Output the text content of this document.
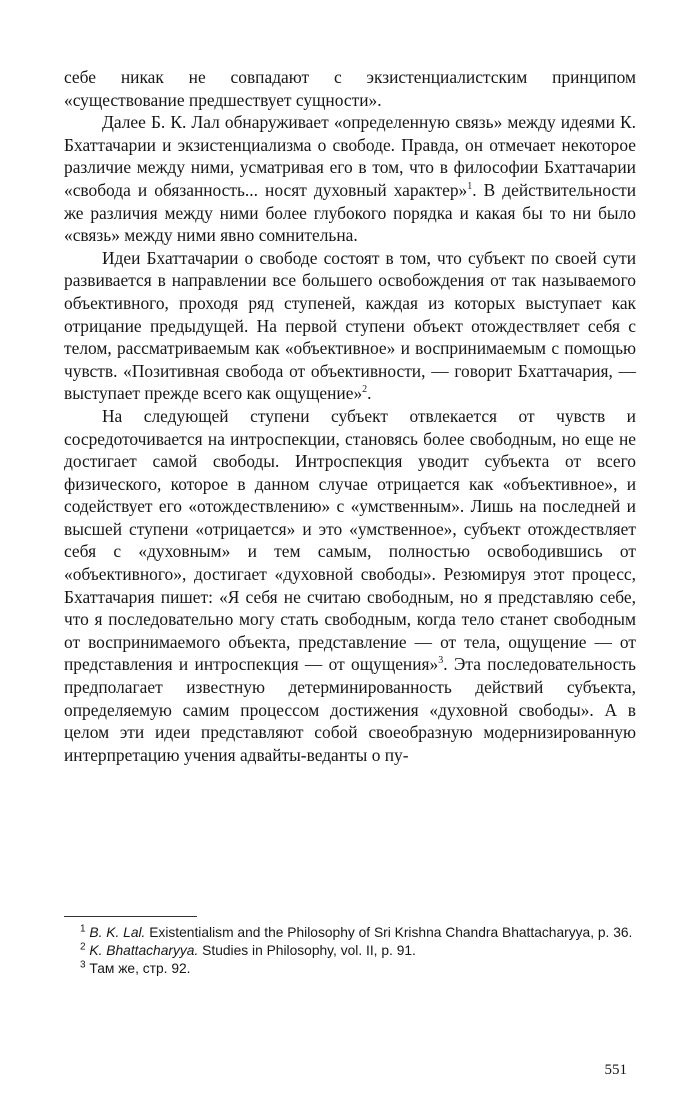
себе никак не совпадают с экзистенциалистским принципом «существование предшествует сущности».

Далее Б. К. Лал обнаруживает «определенную связь» между идеями К. Бхаттачарии и экзистенциализма о свободе. Правда, он отмечает некоторое различие между ними, усматривая его в том, что в философии Бхаттачарии «свобода и обязанность... носят духовный характер»$^1$. В действительности же различия между ними более глубокого порядка и какая бы то ни было «связь» между ними явно сомнительна.

Идеи Бхаттачарии о свободе состоят в том, что субъект по своей сути развивается в направлении все большего освобождения от так называемого объективного, проходя ряд ступеней, каждая из которых выступает как отрицание предыдущей. На первой ступени объект отождествляет себя с телом, рассматриваемым как «объективное» и воспринимаемым с помощью чувств. «Позитивная свобода от объективности, — говорит Бхаттачария, — выступает прежде всего как ощущение»$^2$.

На следующей ступени субъект отвлекается от чувств и сосредоточивается на интроспекции, становясь более свободным, но еще не достигает самой свободы. Интроспекция уводит субъекта от всего физического, которое в данном случае отрицается как «объективное», и содействует его «отождествлению» с «умственным». Лишь на последней и высшей ступени «отрицается» и это «умственное», субъект отождествляет себя с «духовным» и тем самым, полностью освободившись от «объективного», достигает «духовной свободы». Резюмируя этот процесс, Бхаттачария пишет: «Я себя не считаю свободным, но я представляю себе, что я последовательно могу стать свободным, когда тело станет свободным от воспринимаемого объекта, представление — от тела, ощущение — от представления и интроспекция — от ощущения»$^3$. Эта последовательность предполагает известную детерминированность действий субъекта, определяемую самим процессом достижения «духовной свободы». А в целом эти идеи представляют собой своеобразную модернизированную интерпретацию учения адвайты-веданты о пу-

$^1$ B. K. Lal. Existentialism and the Philosophy of Sri Krishna Chandra Bhattacharyya, p. 36.

$^2$ K. Bhattacharyya. Studies in Philosophy, vol. II, p. 91.

$^3$ Там же, стр. 92.

551
